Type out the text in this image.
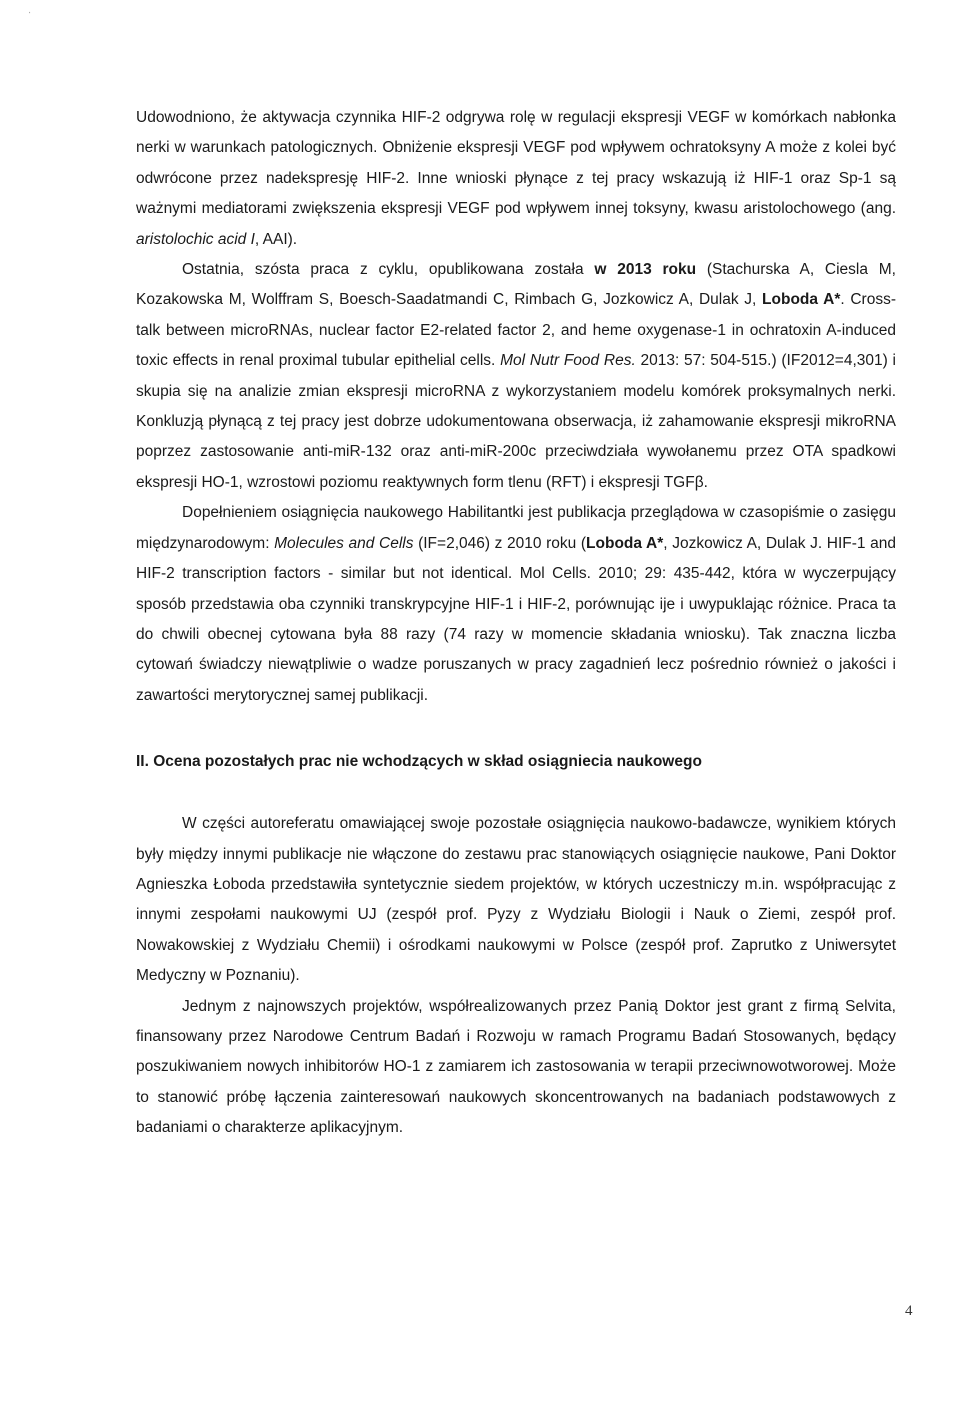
⋅

Udowodniono, że aktywacja czynnika HIF-2 odgrywa rolę w regulacji ekspresji VEGF w komórkach nabłonka nerki w warunkach patologicznych. Obniżenie ekspresji VEGF pod wpływem ochratoksyny A może z kolei być odwrócone przez nadekspresję HIF-2. Inne wnioski płynące z tej pracy wskazują iż HIF-1 oraz Sp-1 są ważnymi mediatorami zwiększenia ekspresji VEGF pod wpływem innej toksyny, kwasu aristolochowego (ang. aristolochic acid I, AAI).

Ostatnia, szósta praca z cyklu, opublikowana została w 2013 roku (Stachurska A, Ciesla M, Kozakowska M, Wolffram S, Boesch-Saadatmandi C, Rimbach G, Jozkowicz A, Dulak J, Loboda A*. Cross-talk between microRNAs, nuclear factor E2-related factor 2, and heme oxygenase-1 in ochratoxin A-induced toxic effects in renal proximal tubular epithelial cells. Mol Nutr Food Res. 2013: 57: 504-515.) (IF2012=4,301) i skupia się na analizie zmian ekspresji microRNA z wykorzystaniem modelu komórek proksymalnych nerki. Konkluzją płynącą z tej pracy jest dobrze udokumentowana obserwacja, iż zahamowanie ekspresji mikroRNA poprzez zastosowanie anti-miR-132 oraz anti-miR-200c przeciwdziała wywołanemu przez OTA spadkowi ekspresji HO-1, wzrostowi poziomu reaktywnych form tlenu (RFT) i ekspresji TGFβ.

Dopełnieniem osiągnięcia naukowego Habilitantki jest publikacja przeglądowa w czasopiśmie o zasięgu międzynarodowym: Molecules and Cells (IF=2,046) z 2010 roku (Loboda A*, Jozkowicz A, Dulak J. HIF-1 and HIF-2 transcription factors - similar but not identical. Mol Cells. 2010; 29: 435-442, która w wyczerpujący sposób przedstawia oba czynniki transkrypcyjne HIF-1 i HIF-2, porównując ije i uwypuklając różnice. Praca ta do chwili obecnej cytowana była 88 razy (74 razy w momencie składania wniosku). Tak znaczna liczba cytowań świadczy niewątpliwie o wadze poruszanych w pracy zagadnień lecz pośrednio również o jakości i zawartości merytorycznej samej publikacji.

II. Ocena pozostałych prac nie wchodzących w skład osiągniecia naukowego

W części autoreferatu omawiającej swoje pozostałe osiągnięcia naukowo-badawcze, wynikiem których były między innymi publikacje nie włączone do zestawu prac stanowiących osiągnięcie naukowe, Pani Doktor Agnieszka Łoboda przedstawiła syntetycznie siedem projektów, w których uczestniczy m.in. współpracując z innymi zespołami naukowymi UJ (zespół prof. Pyzy z Wydziału Biologii i Nauk o Ziemi, zespół prof. Nowakowskiej z Wydziału Chemii) i ośrodkami naukowymi w Polsce (zespół prof. Zaprutko z Uniwersytet Medyczny w Poznaniu).

Jednym z najnowszych projektów, współrealizowanych przez Panią Doktor jest grant z firmą Selvita, finansowany przez Narodowe Centrum Badań i Rozwoju w ramach Programu Badań Stosowanych, będący poszukiwaniem nowych inhibitorów HO-1 z zamiarem ich zastosowania w terapii przeciwnowotworowej. Może to stanowić próbę łączenia zainteresowań naukowych skoncentrowanych na badaniach podstawowych z badaniami o charakterze aplikacyjnym.

4
